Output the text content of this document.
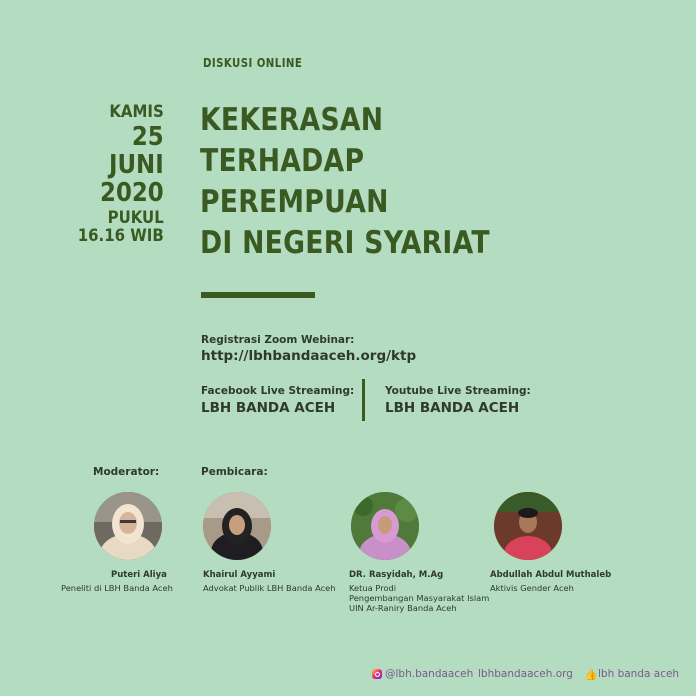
DISKUSI ONLINE
KAMIS
25
JUNI
2020
PUKUL
16.16 WIB
KEKERASAN
TERHADAP
PEREMPUAN
DI NEGERI SYARIAT
Registrasi Zoom Webinar:
http://lbhbandaaceh.org/ktp
Facebook Live Streaming:
LBH BANDA ACEH
Youtube Live Streaming:
LBH BANDA ACEH
Moderator:	Pembicara:
Puteri Aliya
Peneliti di LBH Banda Aceh
Khairul Ayyami
Advokat Publik LBH Banda Aceh
DR. Rasyidah, M.Ag
Ketua Prodi
Pengembangan Masyarakat Islam
UIN Ar-Raniry Banda Aceh
Abdullah Abdul Muthaleb
Aktivis Gender Aceh
@lbh.bandaaceh lbhbandaaceh.org 👍 lbh banda aceh
